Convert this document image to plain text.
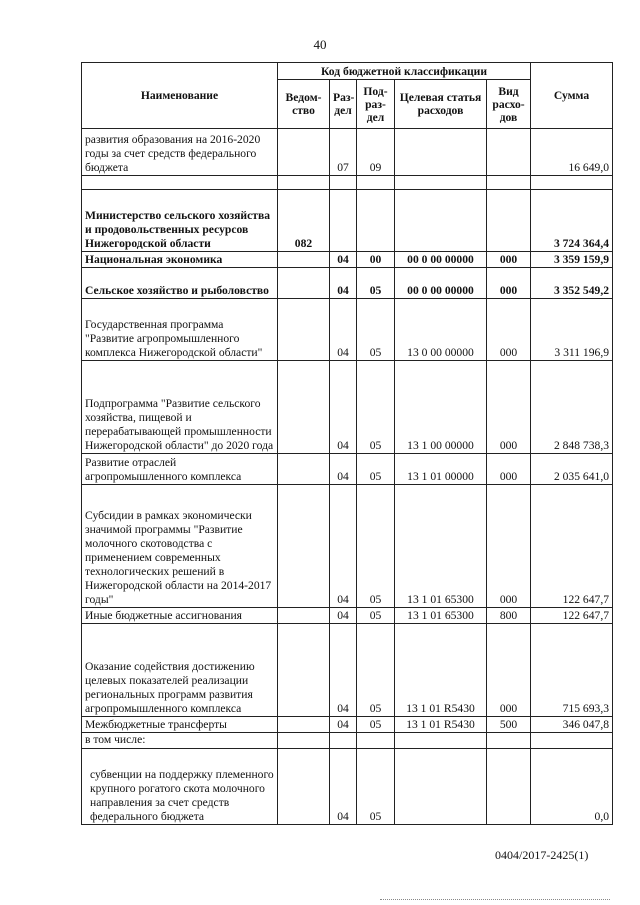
40
Наименование	Код бюджетной классификации					Сумма
	Ведом-ство	Раз-дел	Под-раз-дел	Целевая статья расходов	Вид расхо-дов	
развития образования на 2016-2020 годы за счет средств федерального бюджета		07	09			16 649,0

Министерство сельского хозяйства и продовольственных ресурсов Нижегородской области	082					3 724 364,4
Национальная экономика		04	00	00 0 00 00000	000	3 359 159,9
Сельское хозяйство и рыболовство		04	05	00 0 00 00000	000	3 352 549,2
Государственная программа "Развитие агропромышленного комплекса Нижегородской области"		04	05	13 0 00 00000	000	3 311 196,9
Подпрограмма "Развитие сельского хозяйства, пищевой и перерабатывающей промышленности Нижегородской области" до 2020 года		04	05	13 1 00 00000	000	2 848 738,3
Развитие отраслей агропромышленного комплекса		04	05	13 1 01 00000	000	2 035 641,0
Субсидии в рамках экономически значимой программы "Развитие молочного скотоводства с применением современных технологических решений в Нижегородской области на 2014-2017 годы"		04	05	13 1 01 65300	000	122 647,7
Иные бюджетные ассигнования		04	05	13 1 01 65300	800	122 647,7
Оказание содействия достижению целевых показателей реализации региональных программ развития агропромышленного комплекса		04	05	13 1 01 R5430	000	715 693,3
Межбюджетные трансферты		04	05	13 1 01 R5430	500	346 047,8
в том числе:						
субвенции на поддержку племенного крупного рогатого скота молочного направления за счет средств федерального бюджета		04	05			0,0
0404/2017-2425(1)
